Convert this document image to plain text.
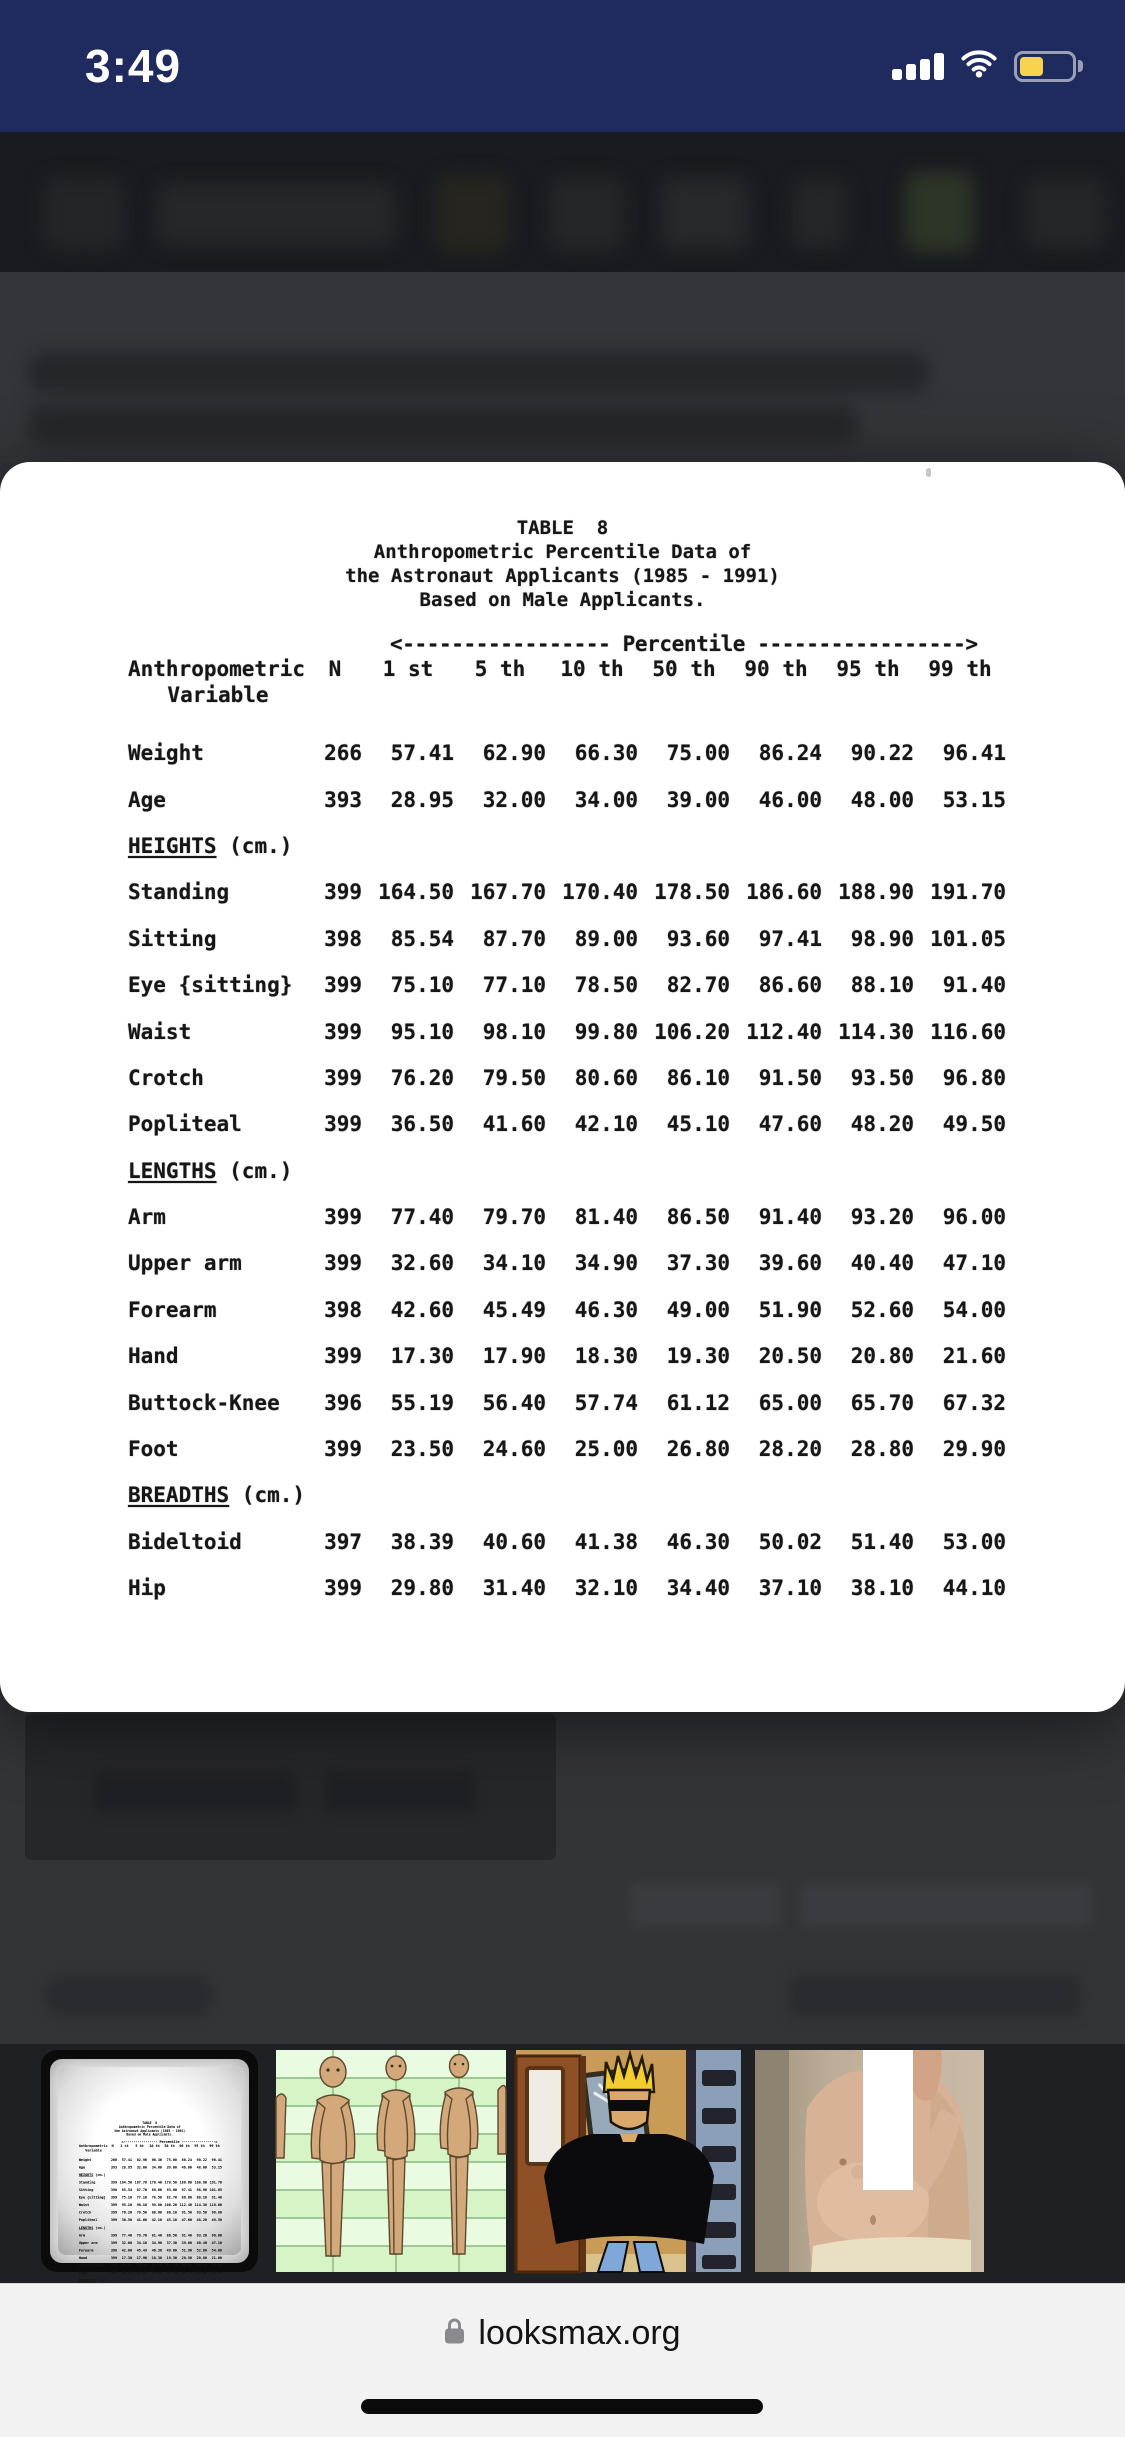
3:49
TABLE  8
Anthropometric Percentile Data of
the Astronaut Applicants (1985 - 1991)
Based on Male Applicants.
<----------------- Percentile ----------------->
Anthropometric	N	1 st	5 th	10 th	50 th	90 th	95 th	99 th
Variable
Weight	266	57.41	62.90	66.30	75.00	86.24	90.22	96.41
Age	393	28.95	32.00	34.00	39.00	46.00	48.00	53.15
HEIGHTS (cm.)
Standing	399 164.50 167.70 170.40 178.50 186.60 188.90 191.70
Sitting	398	85.54	87.70	89.00	93.60	97.41	98.90 101.05
Eye {sitting}	399	75.10	77.10	78.50	82.70	86.60	88.10	91.40
Waist	399	95.10	98.10	99.80 106.20 112.40 114.30 116.60
Crotch	399	76.20	79.50	80.60	86.10	91.50	93.50	96.80
Popliteal	399	36.50	41.60	42.10	45.10	47.60	48.20	49.50
LENGTHS (cm.)
Arm	399	77.40	79.70	81.40	86.50	91.40	93.20	96.00
Upper arm	399	32.60	34.10	34.90	37.30	39.60	40.40	47.10
Forearm	398	42.60	45.49	46.30	49.00	51.90	52.60	54.00
Hand	399	17.30	17.90	18.30	19.30	20.50	20.80	21.60
Buttock-Knee	396	55.19	56.40	57.74	61.12	65.00	65.70	67.32
Foot	399	23.50	24.60	25.00	26.80	28.20	28.80	29.90
BREADTHS (cm.)
Bideltoid	397	38.39	40.60	41.38	46.30	50.02	51.40	53.00
Hip	399	29.80	31.40	32.10	34.40	37.10	38.10	44.10
TABLE  8
Anthropometric Percentile Data of
the Astronaut Applicants (1985 - 1991)
Based on Male Applicants.
<----------------- Percentile ----------------->
Anthropometric N 1 st 5 th 10 th 50 th 90 th 95 th 99 th
Variable
Weight 266 57.41 62.90 66.30 75.00 86.24 90.22 96.41
Age	393 28.95 32.00 34.00 39.00 46.00 48.00 53.15
HEIGHTS (cm.)
Standing 399 164.50 167.70 170.40 178.50 186.60 188.90 191.70
Sitting 398 85.54 87.70 89.00 93.60 97.41 98.90 101.05
Eye {sitting} 399 75.10 77.10 78.50 82.70 86.60 88.10 91.40
Waist	399 95.10 98.10 99.80 106.20 112.40 114.30 116.60
Crotch 399 76.20 79.50 80.60 86.10 91.50 93.50 96.80
Popliteal 399 36.50 41.60 42.10 45.10 47.60 48.20 49.50
LENGTHS (cm.)
Arm	399 77.40 79.70 81.40 86.50 91.40 93.20 96.00
Upper arm 399 32.60 34.10 34.90 37.30 39.60 40.40 47.10
Forearm 398 42.60 45.49 46.30 49.00 51.90 52.60 54.00
Hand	399 17.30 17.90 18.30 19.30 20.50 20.80 21.60
Buttock-Knee 396 55.19 56.40 57.74 61.12 65.00 65.70 67.32
Foot	399 23.50 24.60 25.00 26.80 28.20 28.80 29.90
BREADTHS (cm.)
looksmax.org
